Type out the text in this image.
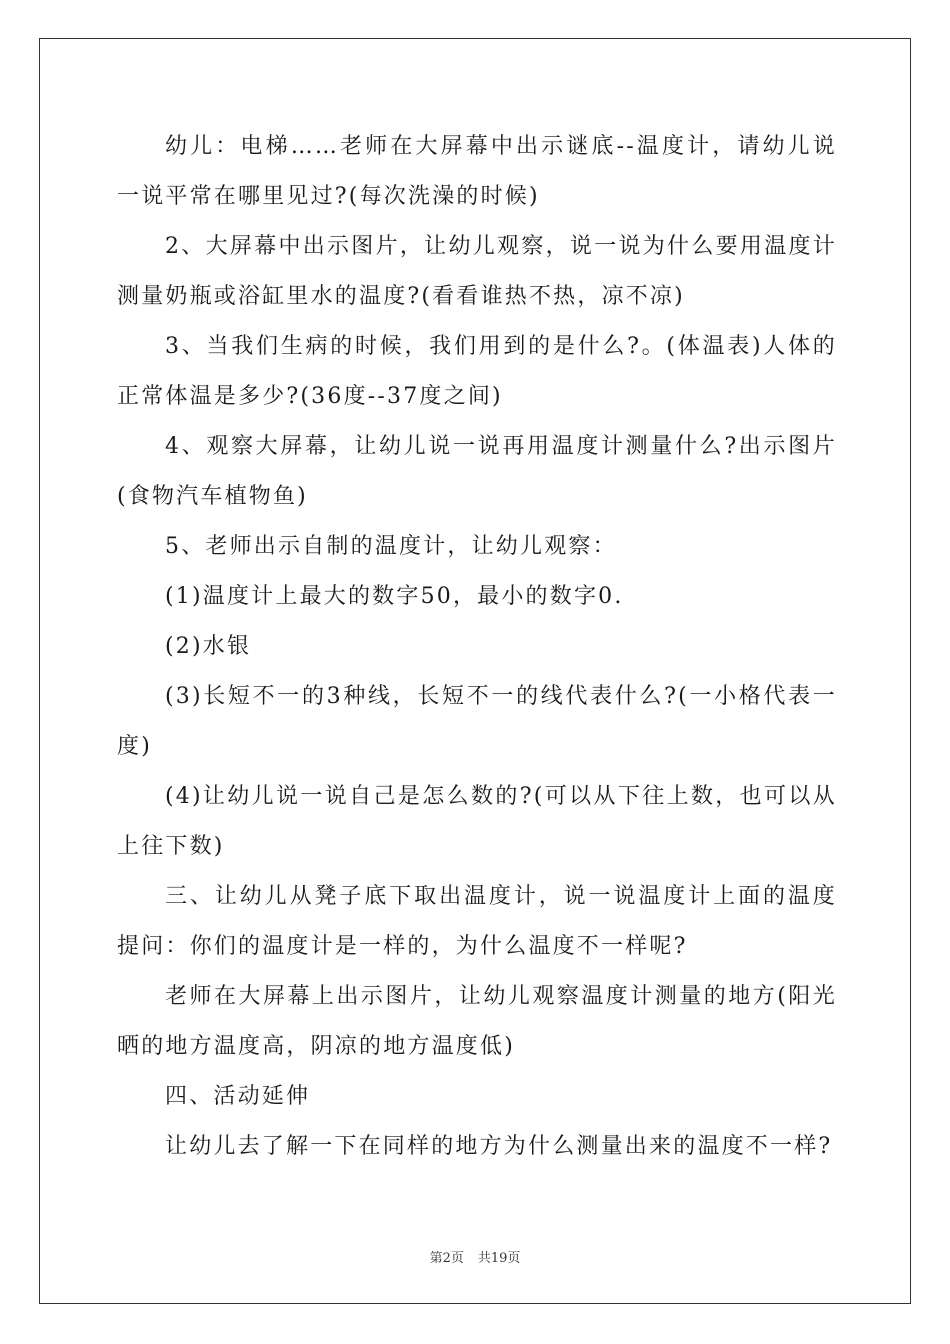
幼儿：电梯……老师在大屏幕中出示谜底--温度计，请幼儿说一说平常在哪里见过?(每次洗澡的时候)

2、大屏幕中出示图片，让幼儿观察，说一说为什么要用温度计测量奶瓶或浴缸里水的温度?(看看谁热不热，凉不凉)

3、当我们生病的时候，我们用到的是什么?。(体温表)人体的正常体温是多少?(36度--37度之间)

4、观察大屏幕，让幼儿说一说再用温度计测量什么?出示图片(食物汽车植物鱼)

5、老师出示自制的温度计，让幼儿观察：

(1)温度计上最大的数字50，最小的数字0.

(2)水银

(3)长短不一的3种线，长短不一的线代表什么?(一小格代表一度)

(4)让幼儿说一说自己是怎么数的?(可以从下往上数，也可以从上往下数)

三、让幼儿从凳子底下取出温度计，说一说温度计上面的温度提问：你们的温度计是一样的，为什么温度不一样呢?

老师在大屏幕上出示图片，让幼儿观察温度计测量的地方(阳光晒的地方温度高，阴凉的地方温度低)

四、活动延伸

让幼儿去了解一下在同样的地方为什么测量出来的温度不一样?

第2页 共19页
